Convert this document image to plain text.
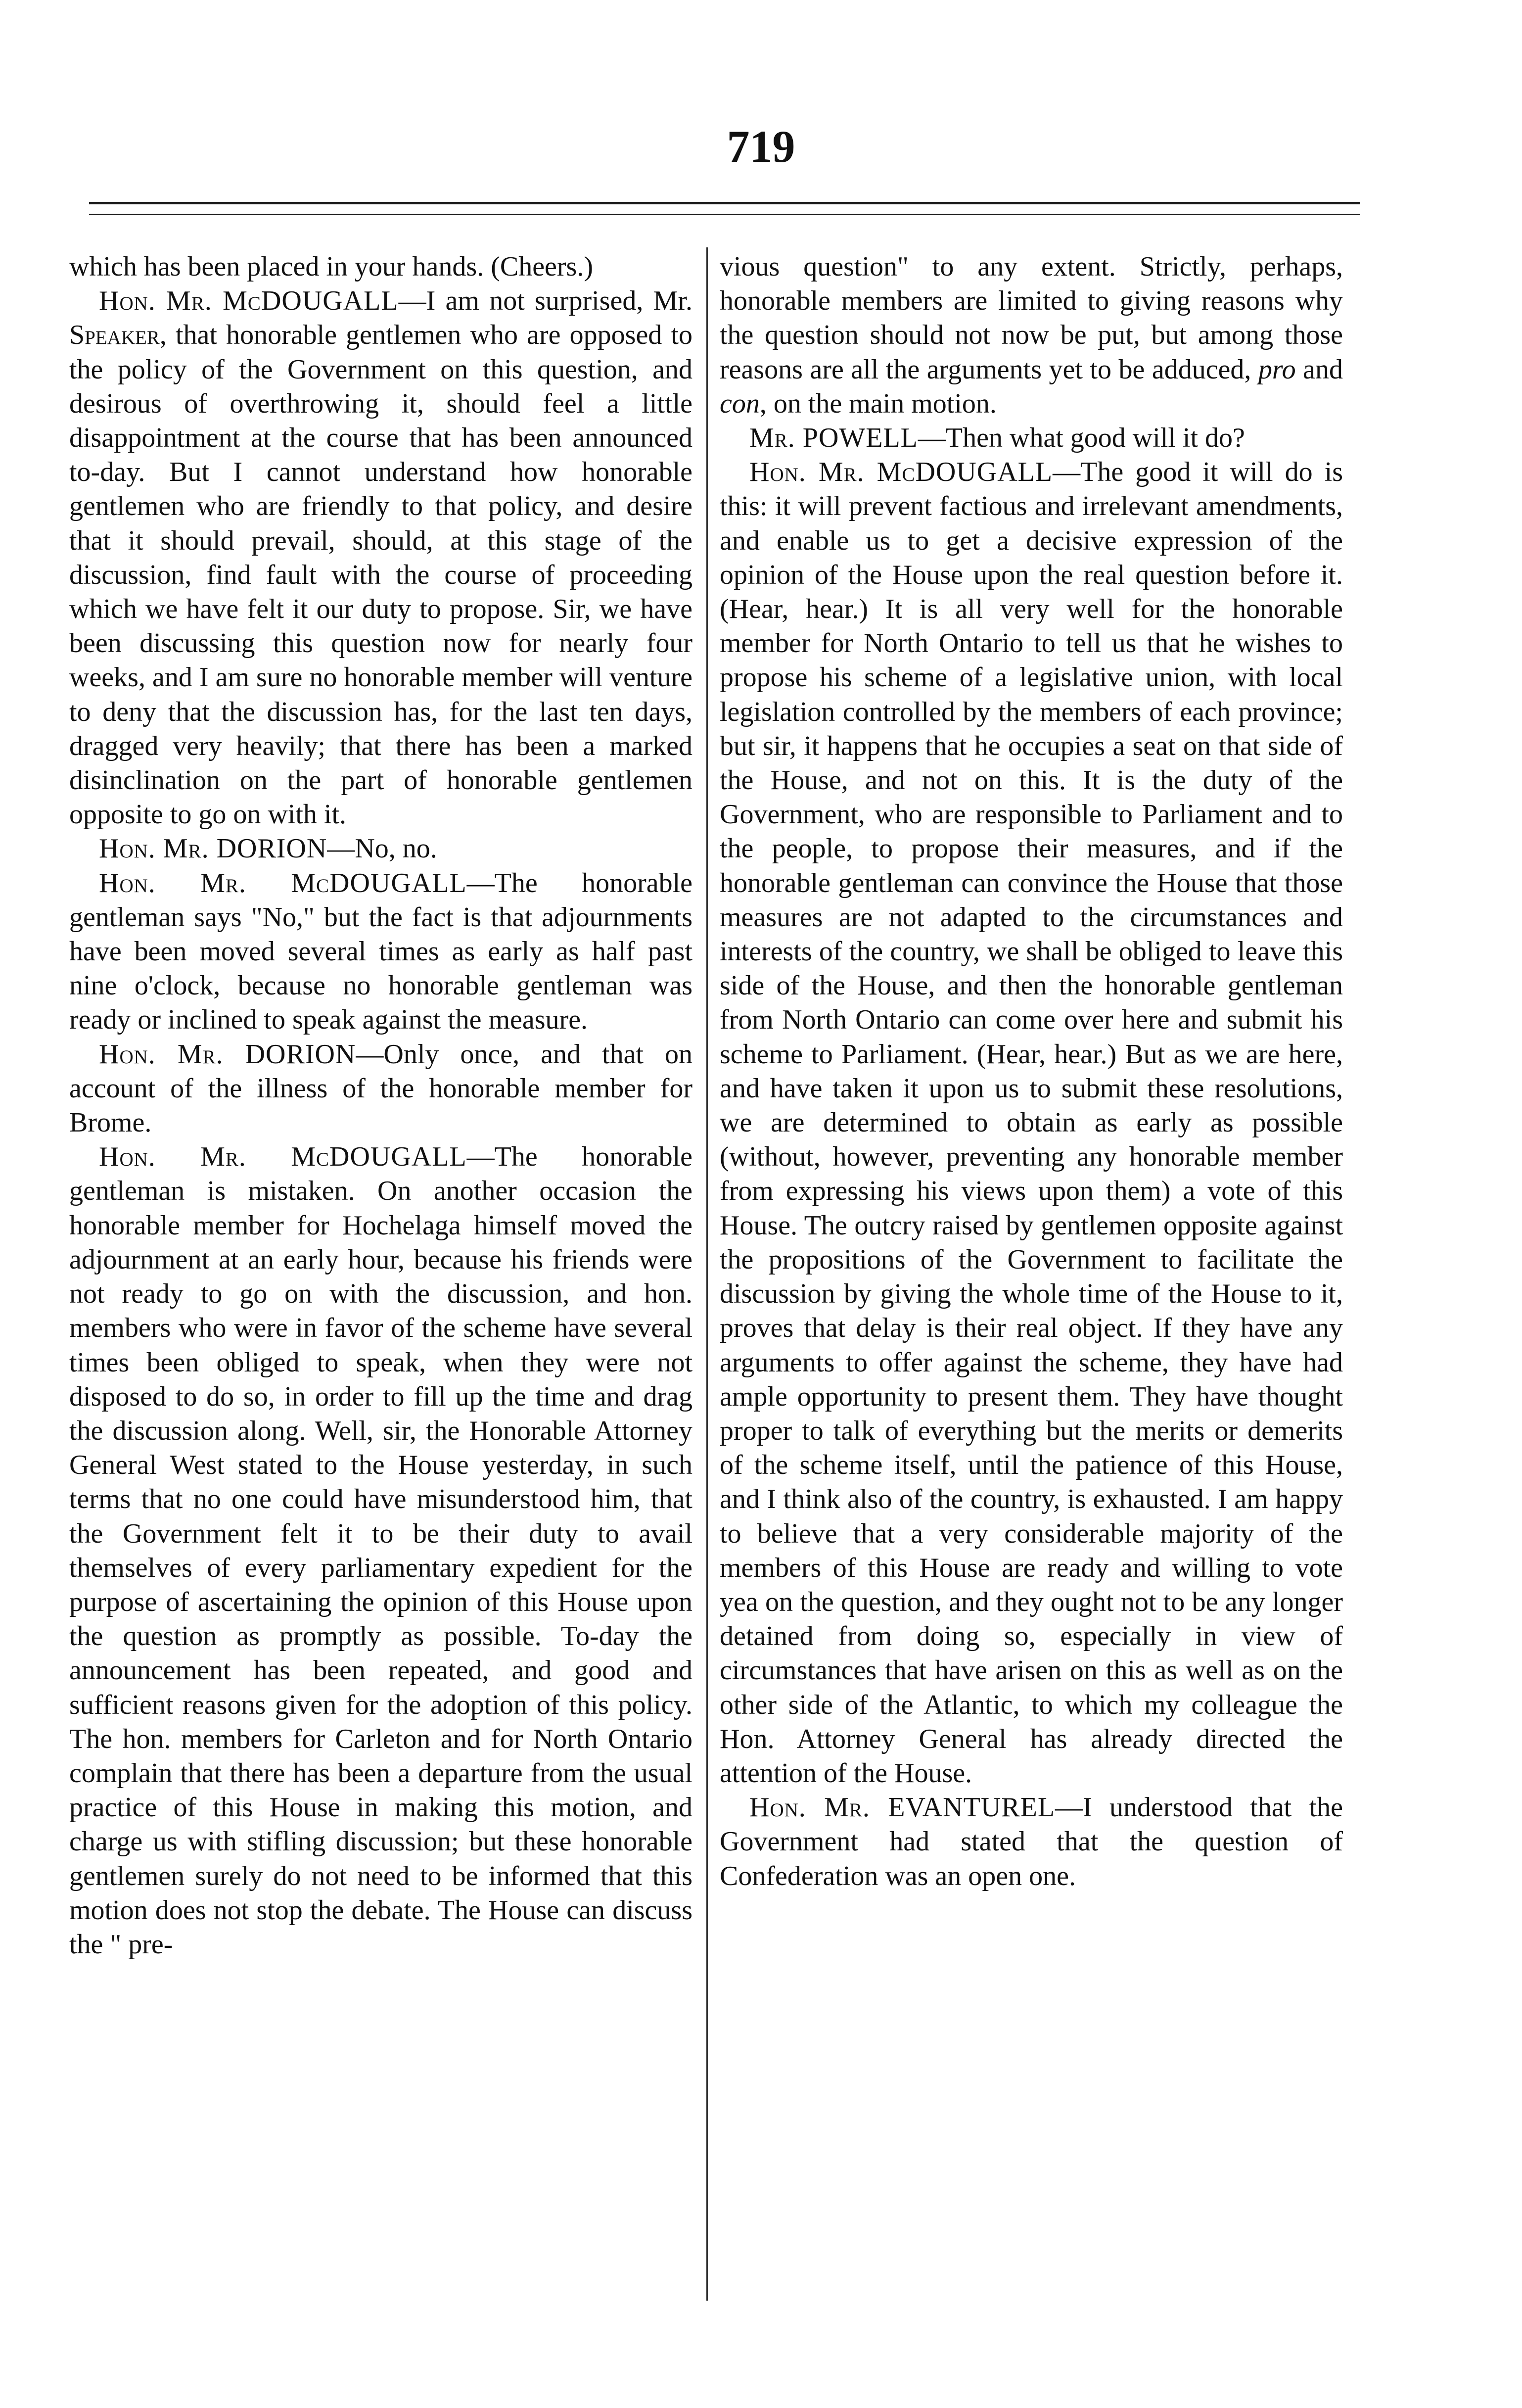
719

which has been placed in your hands. (Cheers.)

Hon. Mr. McDOUGALL—I am not surprised, Mr. Speaker, that honorable gentlemen who are opposed to the policy of the Government on this question, and desirous of overthrowing it, should feel a little disappointment at the course that has been announced to-day. But I cannot understand how honorable gentlemen who are friendly to that policy, and desire that it should prevail, should, at this stage of the discussion, find fault with the course of proceeding which we have felt it our duty to propose. Sir, we have been discussing this question now for nearly four weeks, and I am sure no honorable member will venture to deny that the discussion has, for the last ten days, dragged very heavily; that there has been a marked disinclination on the part of honorable gentlemen opposite to go on with it.

Hon. Mr. DORION—No, no.

Hon. Mr. McDOUGALL—The honorable gentleman says "No," but the fact is that adjournments have been moved several times as early as half past nine o'clock, because no honorable gentleman was ready or inclined to speak against the measure.

Hon. Mr. DORION—Only once, and that on account of the illness of the honorable member for Brome.

Hon. Mr. McDOUGALL—The honorable gentleman is mistaken. On another occasion the honorable member for Hochelaga himself moved the adjournment at an early hour, because his friends were not ready to go on with the discussion, and hon. members who were in favor of the scheme have several times been obliged to speak, when they were not disposed to do so, in order to fill up the time and drag the discussion along. Well, sir, the Honorable Attorney General West stated to the House yesterday, in such terms that no one could have misunderstood him, that the Government felt it to be their duty to avail themselves of every parliamentary expedient for the purpose of ascertaining the opinion of this House upon the question as promptly as possible. To-day the announcement has been repeated, and good and sufficient reasons given for the adoption of this policy. The hon. members for Carleton and for North Ontario complain that there has been a departure from the usual practice of this House in making this motion, and charge us with stifling discussion; but these honorable gentlemen surely do not need to be informed that this motion does not stop the debate. The House can discuss the " pre-

vious question" to any extent. Strictly, perhaps, honorable members are limited to giving reasons why the question should not now be put, but among those reasons are all the arguments yet to be adduced, pro and con, on the main motion.

Mr. POWELL—Then what good will it do?

Hon. Mr. McDOUGALL—The good it will do is this: it will prevent factious and irrelevant amendments, and enable us to get a decisive expression of the opinion of the House upon the real question before it. (Hear, hear.) It is all very well for the honorable member for North Ontario to tell us that he wishes to propose his scheme of a legislative union, with local legislation controlled by the members of each province; but sir, it happens that he occupies a seat on that side of the House, and not on this. It is the duty of the Government, who are responsible to Parliament and to the people, to propose their measures, and if the honorable gentleman can convince the House that those measures are not adapted to the circumstances and interests of the country, we shall be obliged to leave this side of the House, and then the honorable gentleman from North Ontario can come over here and submit his scheme to Parliament. (Hear, hear.) But as we are here, and have taken it upon us to submit these resolutions, we are determined to obtain as early as possible (without, however, preventing any honorable member from expressing his views upon them) a vote of this House. The outcry raised by gentlemen opposite against the propositions of the Government to facilitate the discussion by giving the whole time of the House to it, proves that delay is their real object. If they have any arguments to offer against the scheme, they have had ample opportunity to present them. They have thought proper to talk of everything but the merits or demerits of the scheme itself, until the patience of this House, and I think also of the country, is exhausted. I am happy to believe that a very considerable majority of the members of this House are ready and willing to vote yea on the question, and they ought not to be any longer detained from doing so, especially in view of circumstances that have arisen on this as well as on the other side of the Atlantic, to which my colleague the Hon. Attorney General has already directed the attention of the House.

Hon. Mr. EVANTUREL—I understood that the Government had stated that the question of Confederation was an open one.
